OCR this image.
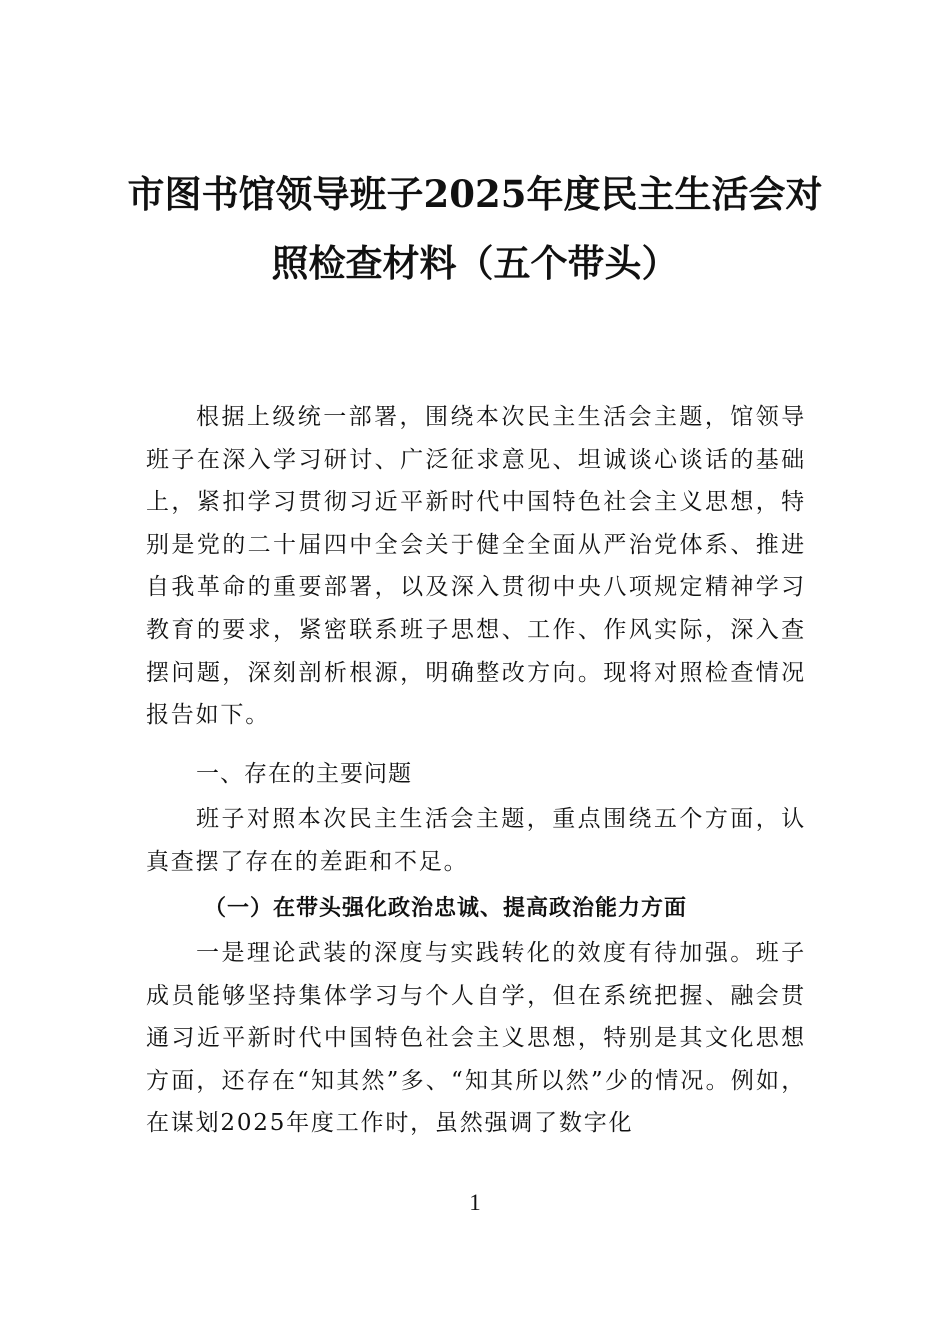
市图书馆领导班子2025年度民主生活会对
照检查材料（五个带头）

根据上级统一部署，围绕本次民主生活会主题，馆领导班子在深入学习研讨、广泛征求意见、坦诚谈心谈话的基础上，紧扣学习贯彻习近平新时代中国特色社会主义思想，特别是党的二十届四中全会关于健全全面从严治党体系、推进自我革命的重要部署，以及深入贯彻中央八项规定精神学习教育的要求，紧密联系班子思想、工作、作风实际，深入查摆问题，深刻剖析根源，明确整改方向。现将对照检查情况报告如下。

一、存在的主要问题

班子对照本次民主生活会主题，重点围绕五个方面，认真查摆了存在的差距和不足。

（一）在带头强化政治忠诚、提高政治能力方面

一是理论武装的深度与实践转化的效度有待加强。班子成员能够坚持集体学习与个人自学，但在系统把握、融会贯通习近平新时代中国特色社会主义思想，特别是其文化思想方面，还存在“知其然”多、“知其所以然”少的情况。例如，在谋划2025年度工作时，虽然强调了数字化

1
